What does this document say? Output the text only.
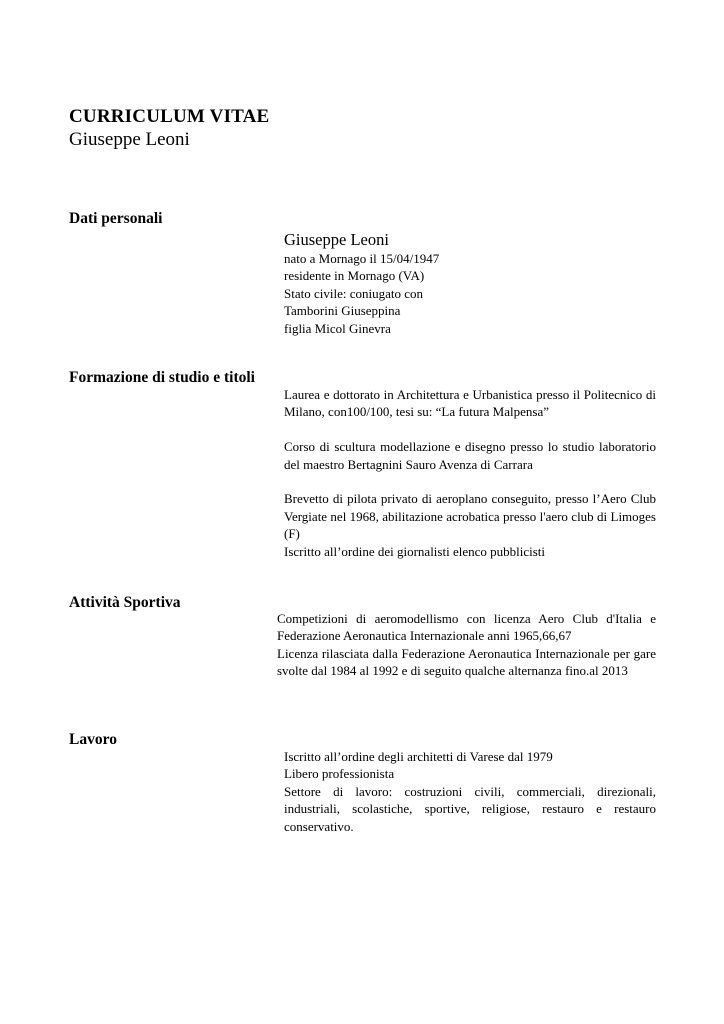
CURRICULUM VITAE
Giuseppe Leoni
Dati personali
Giuseppe Leoni

nato a Mornago il 15/04/1947

residente in Mornago (VA)

Stato civile: coniugato con

Tamborini Giuseppina

figlia Micol Ginevra

Formazione di studio e titoli

Laurea e dottorato in Architettura e Urbanistica presso il Politecnico di Milano, con100/100, tesi su: “La futura Malpensa”

Corso di scultura modellazione e disegno presso lo studio laboratorio del maestro Bertagnini Sauro Avenza di Carrara

Brevetto di pilota privato di aeroplano conseguito, presso l’Aero Club Vergiate nel 1968, abilitazione acrobatica presso l'aero club di Limoges (F)

Iscritto all’ordine dei giornalisti elenco pubblicisti

Attività Sportiva

Competizioni di aeromodellismo con licenza Aero Club d'Italia e Federazione Aeronautica Internazionale anni 1965,66,67

Licenza rilasciata dalla Federazione Aeronautica Internazionale per gare svolte dal 1984 al 1992 e di seguito qualche alternanza fino.al 2013

Lavoro

Iscritto all’ordine degli architetti di Varese dal 1979

Libero professionista

Settore di lavoro: costruzioni civili, commerciali, direzionali, industriali, scolastiche, sportive, religiose, restauro e restauro conservativo.
